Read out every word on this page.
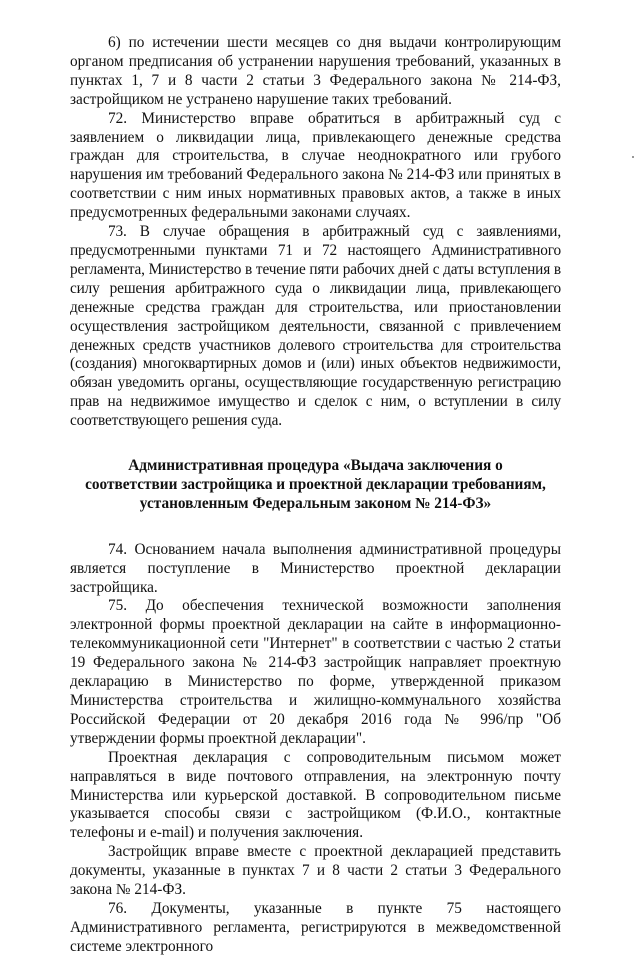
6) по истечении шести месяцев со дня выдачи контролирующим органом предписания об устранении нарушения требований, указанных в пунктах 1, 7 и 8 части 2 статьи 3 Федерального закона № 214-ФЗ, застройщиком не устранено нарушение таких требований.

72. Министерство вправе обратиться в арбитражный суд с заявлением о ликвидации лица, привлекающего денежные средства граждан для строительства, в случае неоднократного или грубого нарушения им требований Федерального закона № 214-ФЗ или принятых в соответствии с ним иных нормативных правовых актов, а также в иных предусмотренных федеральными законами случаях.

73. В случае обращения в арбитражный суд с заявлениями, предусмотренными пунктами 71 и 72 настоящего Административного регламента, Министерство в течение пяти рабочих дней с даты вступления в силу решения арбитражного суда о ликвидации лица, привлекающего денежные средства граждан для строительства, или приостановлении осуществления застройщиком деятельности, связанной с привлечением денежных средств участников долевого строительства для строительства (создания) многоквартирных домов и (или) иных объектов недвижимости, обязан уведомить органы, осуществляющие государственную регистрацию прав на недвижимое имущество и сделок с ним, о вступлении в силу соответствующего решения суда.

Административная процедура «Выдача заключения о
соответствии застройщика и проектной декларации требованиям,
установленным Федеральным законом № 214-ФЗ»

74. Основанием начала выполнения административной процедуры является поступление в Министерство проектной декларации застройщика.

75. До обеспечения технической возможности заполнения электронной формы проектной декларации на сайте в информационно-телекоммуникационной сети "Интернет" в соответствии с частью 2 статьи 19 Федерального закона № 214-ФЗ застройщик направляет проектную декларацию в Министерство по форме, утвержденной приказом Министерства строительства и жилищно-коммунального хозяйства Российской Федерации от 20 декабря 2016 года № 996/пр "Об утверждении формы проектной декларации".

Проектная декларация с сопроводительным письмом может направляться в виде почтового отправления, на электронную почту Министерства или курьерской доставкой. В сопроводительном письме указывается способы связи с застройщиком (Ф.И.О., контактные телефоны и e-mail) и получения заключения.

Застройщик вправе вместе с проектной декларацией представить документы, указанные в пунктах 7 и 8 части 2 статьи 3 Федерального закона № 214-ФЗ.

76. Документы, указанные в пункте 75 настоящего Административного регламента, регистрируются в межведомственной системе электронного
